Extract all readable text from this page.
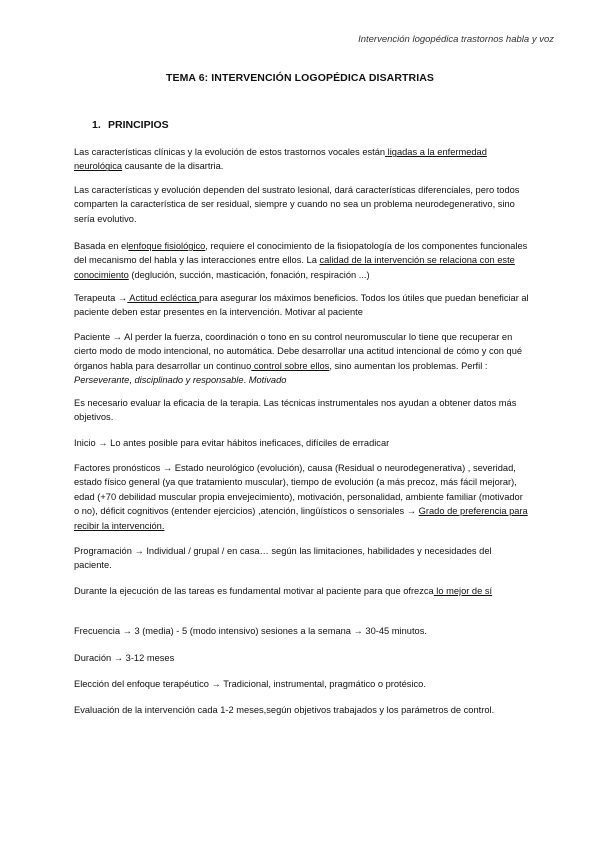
Intervención logopédica trastornos habla y voz
TEMA 6: INTERVENCIÓN LOGOPÉDICA DISARTRIAS
1. PRINCIPIOS
Las características clínicas y la evolución de estos trastornos vocales están ligadas a la enfermedad neurológica causante de la disartria.
Las características y evolución dependen del sustrato lesional, dará características diferenciales, pero todos comparten la característica de ser residual, siempre y cuando no sea un problema neurodegenerativo, sino sería evolutivo.
Basada en elenfoque fisiológico, requiere el conocimiento de la fisiopatología de los componentes funcionales del mecanismo del habla y las interacciones entre ellos. La calidad de la intervención se relaciona con este conocimiento (deglución, succión, masticación, fonación, respiración ...)
Terapeuta → Actitud ecléctica para asegurar los máximos beneficios. Todos los útiles que puedan beneficiar al paciente deben estar presentes en la intervención. Motivar al paciente
Paciente → Al perder la fuerza, coordinación o tono en su control neuromuscular lo tiene que recuperar en cierto modo de modo intencional, no automática. Debe desarrollar una actitud intencional de cómo y con qué órganos habla para desarrollar un continuo control sobre ellos, sino aumentan los problemas. Perfil : Perseverante, disciplinado y responsable. Motivado
Es necesario evaluar la eficacia de la terapia. Las técnicas instrumentales nos ayudan a obtener datos más objetivos.
Inicio → Lo antes posible para evitar hábitos ineficaces, difíciles de erradicar
Factores pronósticos → Estado neurológico (evolución), causa (Residual o neurodegenerativa) , severidad, estado físico general (ya que tratamiento muscular), tiempo de evolución (a más precoz, más fácil mejorar), edad (+70 debilidad muscular propia envejecimiento), motivación, personalidad, ambiente familiar (motivador o no), déficit cognitivos (entender ejercicios) ,atención, lingüísticos o sensoriales → Grado de preferencia para recibir la intervención.
Programación → Individual / grupal / en casa… según las limitaciones, habilidades y necesidades del paciente.
Durante la ejecución de las tareas es fundamental motivar al paciente para que ofrezca lo mejor de sí
Frecuencia → 3 (media) - 5 (modo intensivo) sesiones a la semana → 30-45 minutos.
Duración → 3-12 meses
Elección del enfoque terapéutico → Tradicional, instrumental, pragmático o protésico.
Evaluación de la intervención cada 1-2 meses,según objetivos trabajados y los parámetros de control.
